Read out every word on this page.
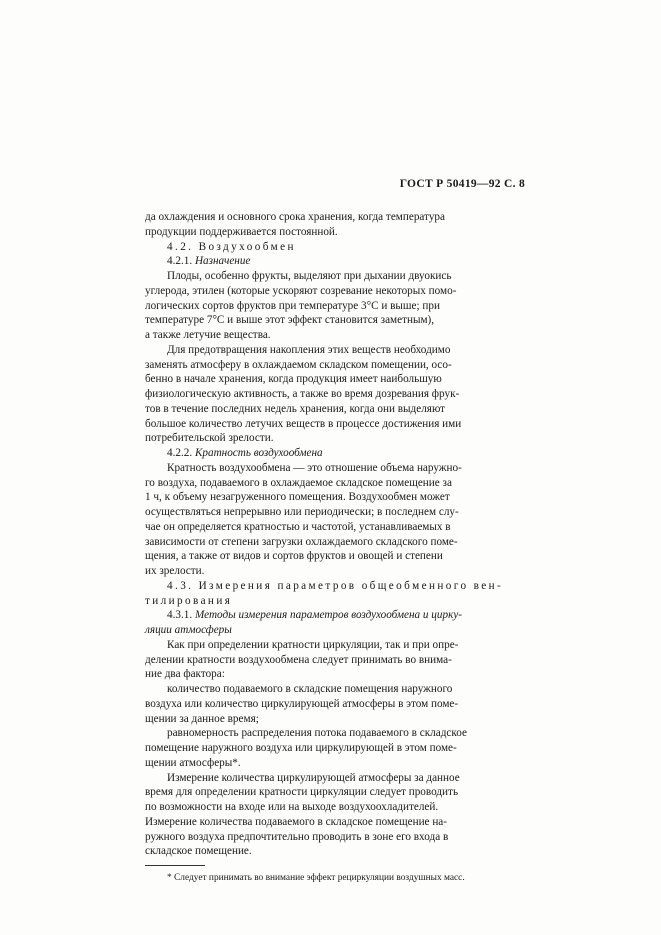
ГОСТ Р 50419—92 С. 8

да охлаждения и основного срока хранения, когда температура

продукции поддерживается постоянной.

4.2. Воздухообмен

4.2.1. Назначение

Плоды, особенно фрукты, выделяют при дыхании двуокись

углерода, этилен (которые ускоряют созревание некоторых помо-

логических сортов фруктов при температуре 3°C и выше; при

температуре 7°C и выше этот эффект становится заметным),

а также летучие вещества.

Для предотвращения накопления этих веществ необходимо

заменять атмосферу в охлаждаемом складском помещении, осо-

бенно в начале хранения, когда продукция имеет наибольшую

физиологическую активность, а также во время дозревания фрук-

тов в течение последних недель хранения, когда они выделяют

большое количество летучих веществ в процессе достижения ими

потребительской зрелости.

4.2.2. Кратность воздухообмена

Кратность воздухообмена — это отношение объема наружно-

го воздуха, подаваемого в охлаждаемое складское помещение за

1 ч, к объему незагруженного помещения. Воздухообмен может

осуществляться непрерывно или периодически; в последнем слу-

чае он определяется кратностью и частотой, устанавливаемых в

зависимости от степени загрузки охлаждаемого складского поме-

щения, а также от видов и сортов фруктов и овощей и степени

их зрелости.

4.3. Измерения параметров общеобменного вен-

тилирования

4.3.1. Методы измерения параметров воздухообмена и цирку-

ляции атмосферы

Как при определении кратности циркуляции, так и при опре-

делении кратности воздухообмена следует принимать во внима-

ние два фактора:

количество подаваемого в складские помещения наружного

воздуха или количество циркулирующей атмосферы в этом поме-

щении за данное время;

равномерность распределения потока подаваемого в складское

помещение наружного воздуха или циркулирующей в этом поме-

щении атмосферы*.

Измерение количества циркулирующей атмосферы за данное

время для определении кратности циркуляции следует проводить

по возможности на входе или на выходе воздухоохладителей.

Измерение количества подаваемого в складское помещение на-

ружного воздуха предпочтительно проводить в зоне его входа в

складское помещение.

* Следует принимать во внимание эффект рециркуляции воздушных масс.
